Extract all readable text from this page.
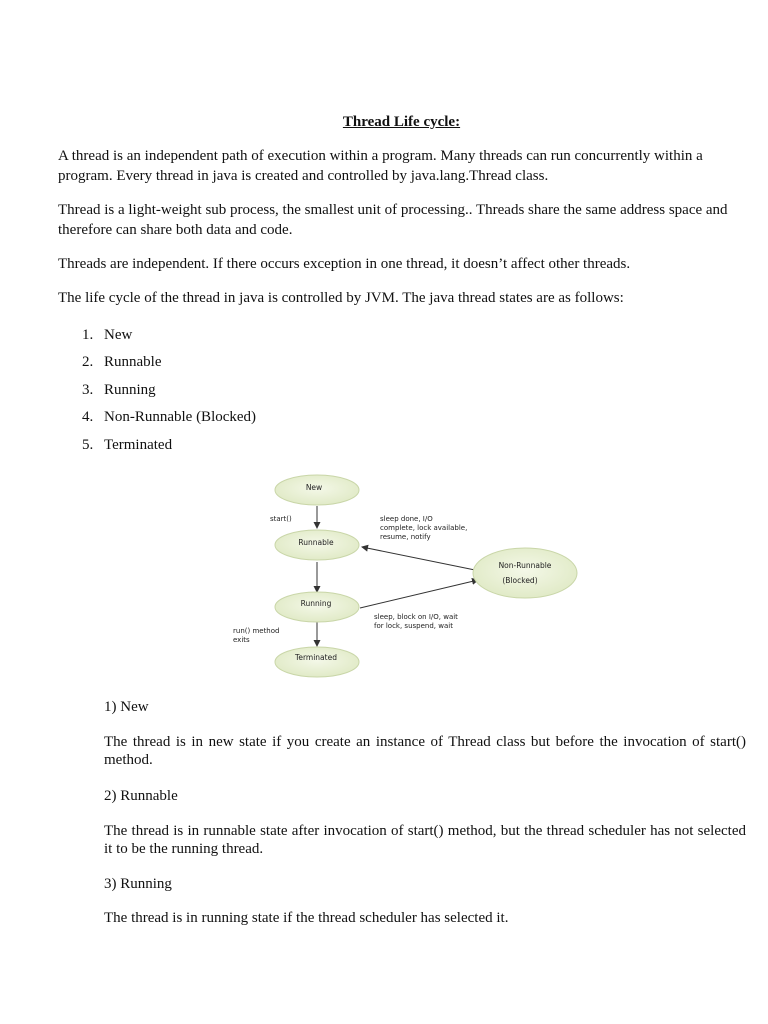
Thread Life cycle:

A thread is an independent path of execution within a program. Many threads can run concurrently within a program. Every thread in java is created and controlled by java.lang.Thread class.

Thread is a light-weight sub process, the smallest unit of processing.. Threads share the same address space and therefore can share both data and code.

Threads are independent. If there occurs exception in one thread, it doesn’t affect other threads.

The life cycle of the thread in java is controlled by JVM. The java thread states are as follows:

1. New
2. Runnable
3. Running
4. Non-Runnable (Blocked)
5. Terminated
New
Runnable
Running
Terminated
Non-Runnable
(Blocked)
start()	sleep done, I/O
complete, lock available,
resume, notify
sleep, block on I/O, wait
for lock, suspend, wait
run() method
exits
1) New

The thread is in new state if you create an instance of Thread class but before the invocation of start() method.

2) Runnable

The thread is in runnable state after invocation of start() method, but the thread scheduler has not selected it to be the running thread.

3) Running

The thread is in running state if the thread scheduler has selected it.
